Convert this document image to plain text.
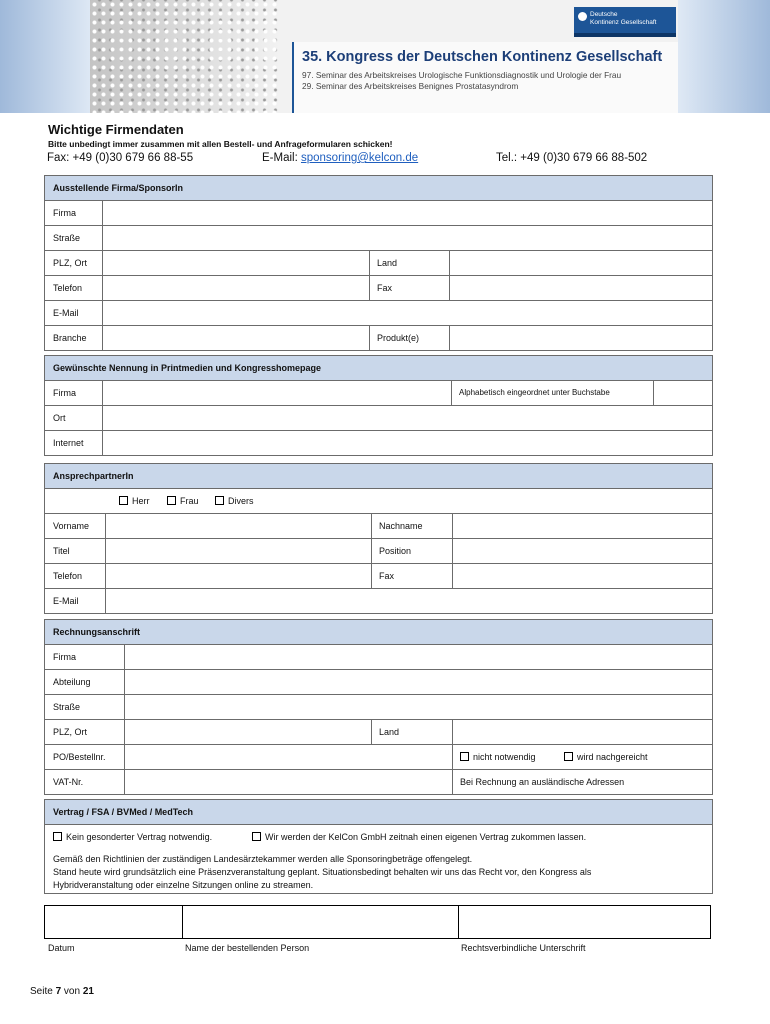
35. Kongress der Deutschen Kontinenz Gesellschaft
97. Seminar des Arbeitskreises Urologische Funktionsdiagnostik und Urologie der Frau
29. Seminar des Arbeitskreises Benignes Prostatasyndrom
Deutsche
Kontinenz Gesellschaft
Wichtige Firmendaten
Bitte unbedingt immer zusammen mit allen Bestell- und Anfrageformularen schicken!
Fax: +49 (0)30 679 66 88-55	E-Mail: sponsoring@kelcon.de	Tel.: +49 (0)30 679 66 88-502
Ausstellende Firma/SponsorIn
Firma
Straße
PLZ, Ort	Land
Telefon	Fax
E-Mail
Branche	Produkt(e)
Gewünschte Nennung in Printmedien und Kongresshomepage
Firma	Alphabetisch eingeordnet unter Buchstabe
Ort
Internet
AnsprechpartnerIn
Herr	Frau	Divers
Vorname	Nachname
Titel	Position
Telefon	Fax
E-Mail
Rechnungsanschrift
Firma
Abteilung
Straße
PLZ, Ort	Land
PO/Bestellnr.	nicht notwendig	wird nachgereicht
VAT-Nr.	Bei Rechnung an ausländische Adressen
Vertrag / FSA / BVMed / MedTech
Kein gesonderter Vertrag notwendig.	Wir werden der KelCon GmbH zeitnah einen eigenen Vertrag zukommen lassen.
Gemäß den Richtlinien der zuständigen Landesärztekammer werden alle Sponsoringbeträge offengelegt.
Stand heute wird grundsätzlich eine Präsenzveranstaltung geplant. Situationsbedingt behalten wir uns das Recht vor, den Kongress als
Hybridveranstaltung oder einzelne Sitzungen online zu streamen.
Datum	Name der bestellenden Person	Rechtsverbindliche Unterschrift
Seite 7 von 21
